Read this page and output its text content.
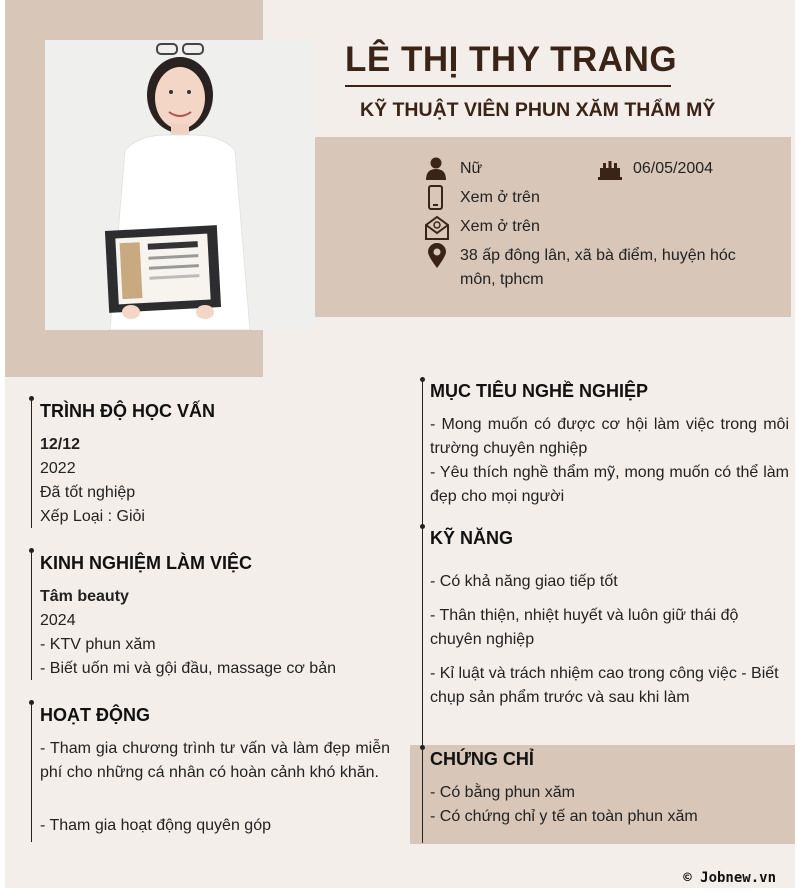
LÊ THỊ THY TRANG
KỸ THUẬT VIÊN PHUN XĂM THẨM MỸ
Nữ	06/05/2004
Xem ở trên
Xem ở trên
38 ấp đông lân, xã bà điểm, huyện hóc
môn, tphcm
TRÌNH ĐỘ HỌC VẤN
12/12
2022
Đã tốt nghiệp
Xếp Loại : Giỏi
KINH NGHIỆM LÀM VIỆC
Tâm beauty
2024
- KTV phun xăm
- Biết uốn mi và gội đầu, massage cơ bản
HOẠT ĐỘNG
- Tham gia chương trình tư vấn và làm đẹp miễn phí cho những cá nhân có hoàn cảnh khó khăn.
- Tham gia hoạt động quyên góp
MỤC TIÊU NGHỀ NGHIỆP
- Mong muốn có được cơ hội làm việc trong môi trường chuyên nghiệp
- Yêu thích nghề thẩm mỹ, mong muốn có thể làm đẹp cho mọi người
KỸ NĂNG
- Có khả năng giao tiếp tốt
- Thân thiện, nhiệt huyết và luôn giữ thái độ chuyên nghiệp
- Kỉ luật và trách nhiệm cao trong công việc - Biết chụp sản phẩm trước và sau khi làm
CHỨNG CHỈ
- Có bằng phun xăm
- Có chứng chỉ y tế an toàn phun xăm
© Jobnew.vn
